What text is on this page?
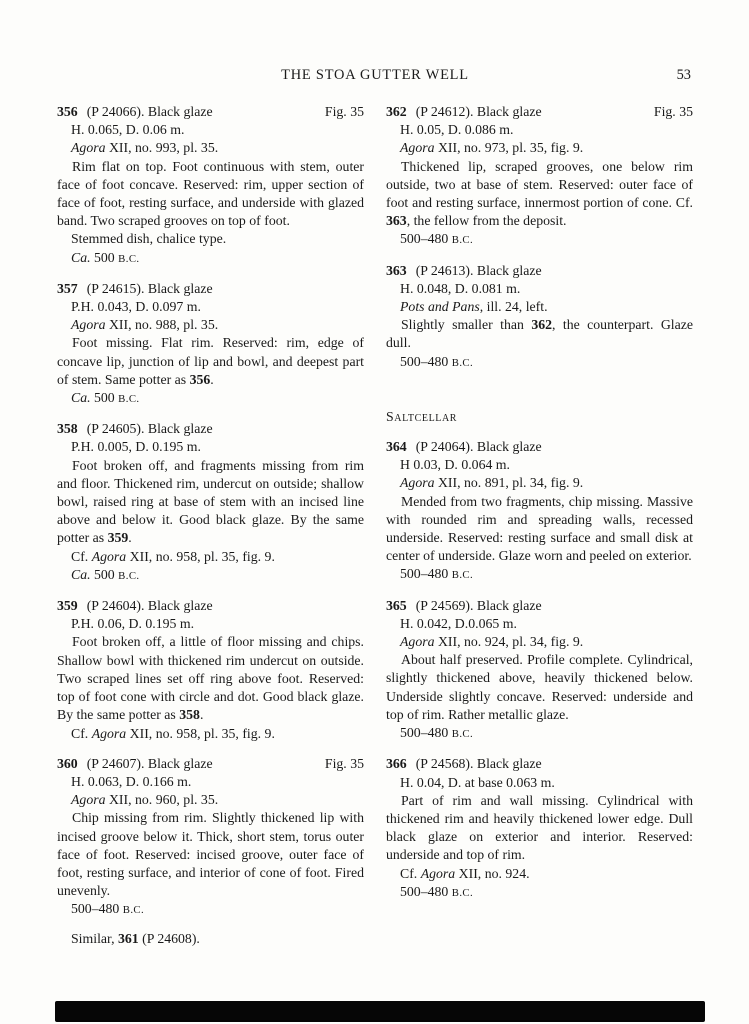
THE STOA GUTTER WELL	53
356 (P 24066). Black glaze	Fig. 35
H. 0.065, D. 0.06 m.
Agora XII, no. 993, pl. 35.
Rim flat on top. Foot continuous with stem, outer face of foot concave. Reserved: rim, upper section of face of foot, resting surface, and underside with glazed band. Two scraped grooves on top of foot.
Stemmed dish, chalice type.
Ca. 500 B.C.
357 (P 24615). Black glaze
P.H. 0.043, D. 0.097 m.
Agora XII, no. 988, pl. 35.
Foot missing. Flat rim. Reserved: rim, edge of concave lip, junction of lip and bowl, and deepest part of stem. Same potter as 356.
Ca. 500 B.C.
358 (P 24605). Black glaze
P.H. 0.005, D. 0.195 m.
Foot broken off, and fragments missing from rim and floor. Thickened rim, undercut on outside; shallow bowl, raised ring at base of stem with an incised line above and below it. Good black glaze. By the same potter as 359.
Cf. Agora XII, no. 958, pl. 35, fig. 9.
Ca. 500 B.C.
359 (P 24604). Black glaze
P.H. 0.06, D. 0.195 m.
Foot broken off, a little of floor missing and chips. Shallow bowl with thickened rim undercut on outside. Two scraped lines set off ring above foot. Reserved: top of foot cone with circle and dot. Good black glaze. By the same potter as 358.
Cf. Agora XII, no. 958, pl. 35, fig. 9.
360 (P 24607). Black glaze	Fig. 35
H. 0.063, D. 0.166 m.
Agora XII, no. 960, pl. 35.
Chip missing from rim. Slightly thickened lip with incised groove below it. Thick, short stem, torus outer face of foot. Reserved: incised groove, outer face of foot, resting surface, and interior of cone of foot. Fired unevenly.
500–480 B.C.
Similar, 361 (P 24608).
362 (P 24612). Black glaze	Fig. 35
H. 0.05, D. 0.086 m.
Agora XII, no. 973, pl. 35, fig. 9.
Thickened lip, scraped grooves, one below rim outside, two at base of stem. Reserved: outer face of foot and resting surface, innermost portion of cone. Cf. 363, the fellow from the deposit.
500–480 B.C.
363 (P 24613). Black glaze
H. 0.048, D. 0.081 m.
Pots and Pans, ill. 24, left.
Slightly smaller than 362, the counterpart. Glaze dull.
500–480 B.C.
Saltcellar
364 (P 24064). Black glaze
H 0.03, D. 0.064 m.
Agora XII, no. 891, pl. 34, fig. 9.
Mended from two fragments, chip missing. Massive with rounded rim and spreading walls, recessed underside. Reserved: resting surface and small disk at center of underside. Glaze worn and peeled on exterior.
500–480 B.C.
365 (P 24569). Black glaze
H. 0.042, D.0.065 m.
Agora XII, no. 924, pl. 34, fig. 9.
About half preserved. Profile complete. Cylindrical, slightly thickened above, heavily thickened below. Underside slightly concave. Reserved: underside and top of rim. Rather metallic glaze.
500–480 B.C.
366 (P 24568). Black glaze
H. 0.04, D. at base 0.063 m.
Part of rim and wall missing. Cylindrical with thickened rim and heavily thickened lower edge. Dull black glaze on exterior and interior. Reserved: underside and top of rim.
Cf. Agora XII, no. 924.
500–480 B.C.
